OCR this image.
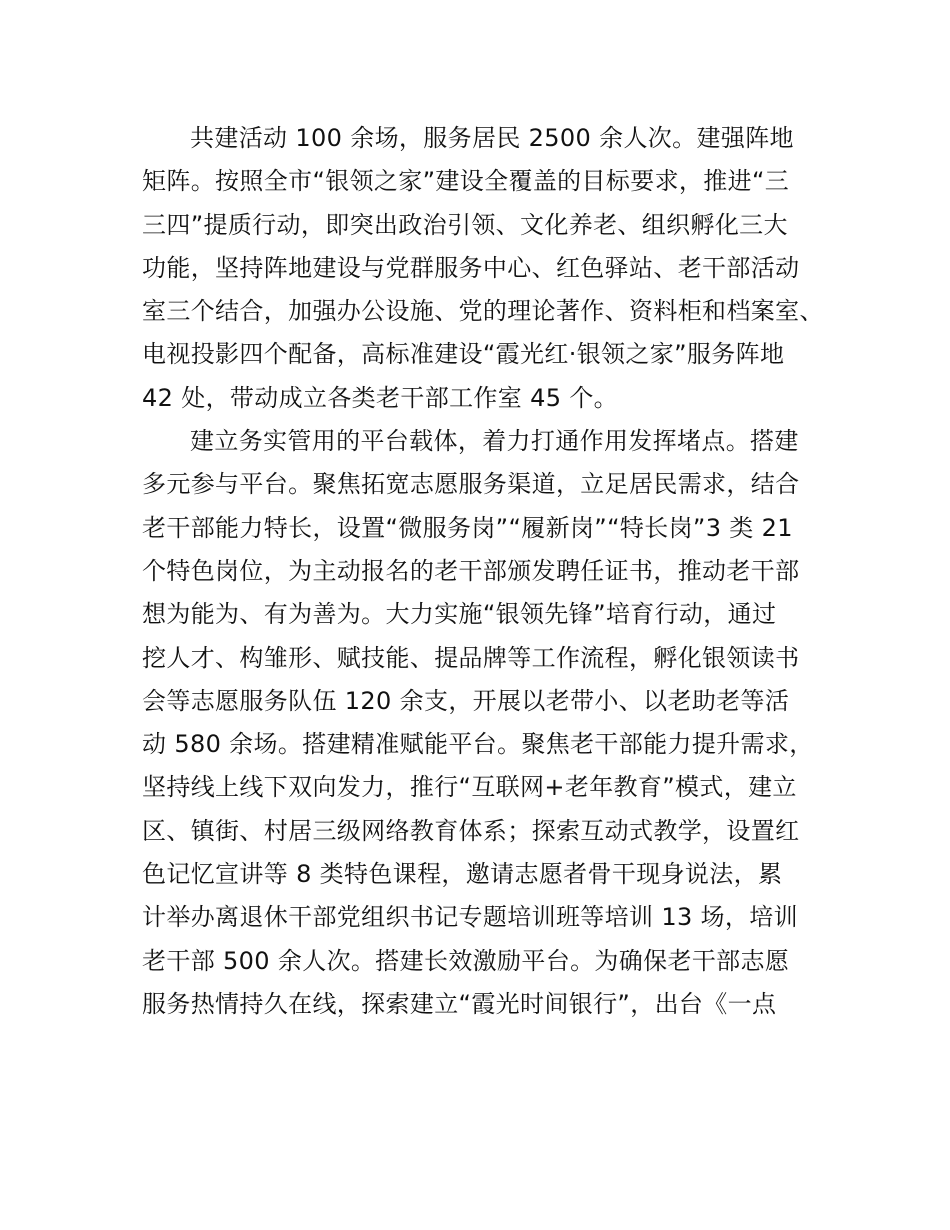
共建活动 100 余场，服务居民 2500 余人次。建强阵地
矩阵。按照全市“银领之家”建设全覆盖的目标要求，推进“三
三四”提质行动，即突出政治引领、文化养老、组织孵化三大
功能，坚持阵地建设与党群服务中心、红色驿站、老干部活动
室三个结合，加强办公设施、党的理论著作、资料柜和档案室、
电视投影四个配备，高标准建设“霞光红·银领之家”服务阵地
42 处，带动成立各类老干部工作室 45 个。
建立务实管用的平台载体，着力打通作用发挥堵点。搭建
多元参与平台。聚焦拓宽志愿服务渠道，立足居民需求，结合
老干部能力特长，设置“微服务岗”“履新岗”“特长岗”3 类 21
个特色岗位，为主动报名的老干部颁发聘任证书，推动老干部
想为能为、有为善为。大力实施“银领先锋”培育行动，通过
挖人才、构雏形、赋技能、提品牌等工作流程，孵化银领读书
会等志愿服务队伍 120 余支，开展以老带小、以老助老等活
动 580 余场。搭建精准赋能平台。聚焦老干部能力提升需求，
坚持线上线下双向发力，推行“互联网+老年教育”模式，建立
区、镇街、村居三级网络教育体系；探索互动式教学，设置红
色记忆宣讲等 8 类特色课程，邀请志愿者骨干现身说法，累
计举办离退休干部党组织书记专题培训班等培训 13 场，培训
老干部 500 余人次。搭建长效激励平台。为确保老干部志愿
服务热情持久在线，探索建立“霞光时间银行”，出台《一点
